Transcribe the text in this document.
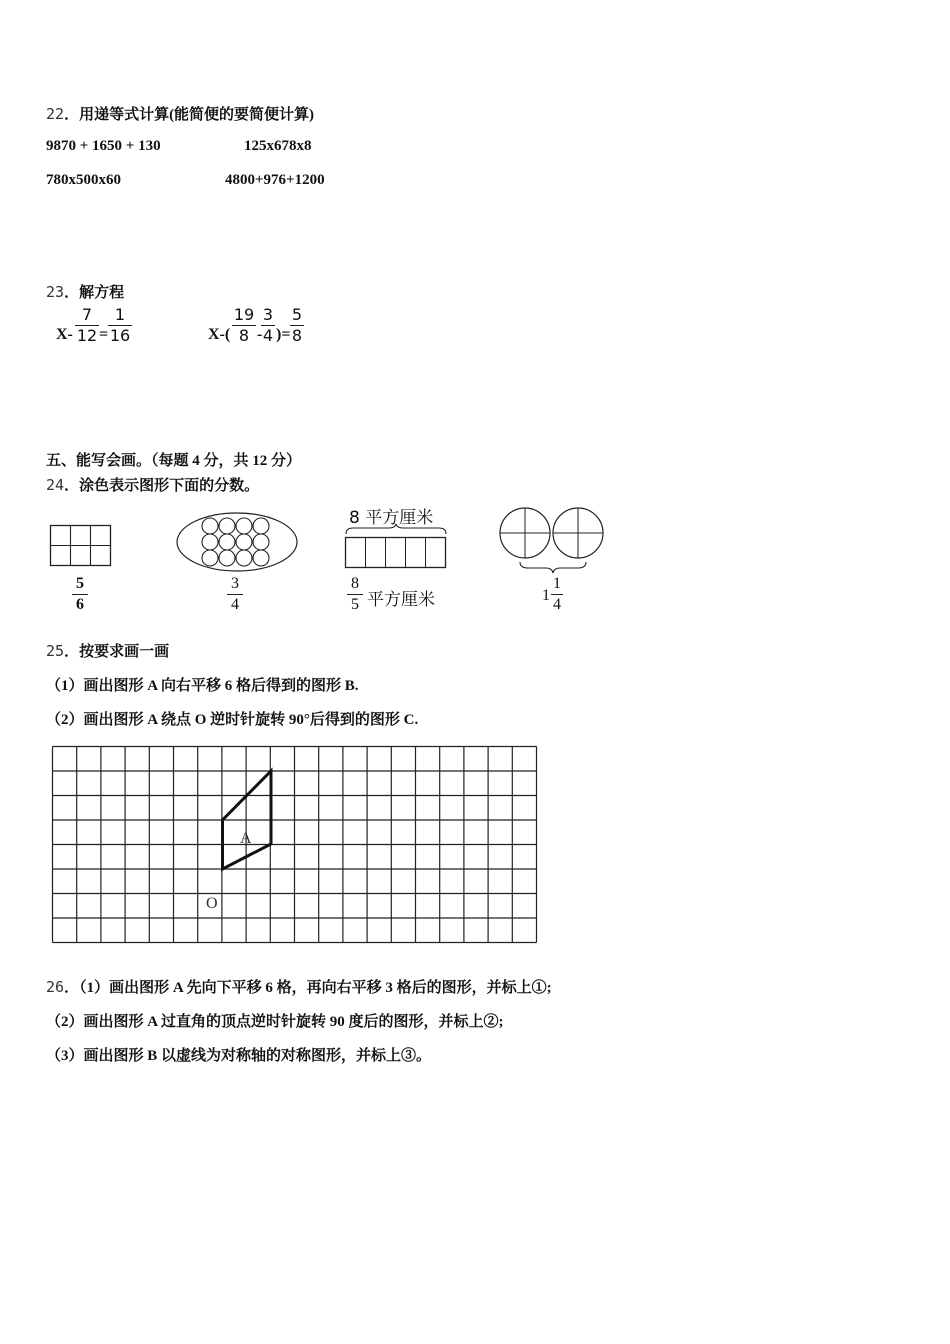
22．用递等式计算(能简便的要简便计算)
9870 + 1650 + 130	125x678x8
780x500x60	4800+976+1200
23．解方程
X-
7
12 =
1
16	X-(
19
8 -
3
4 )=
5
8
五、能写会画。（每题 4 分，共 12 分）
24．涂色表示图形下面的分数。
5
6
3
4
8 平方厘米
8
5 平方厘米	1
1
4
25．按要求画一画
（1）画出图形 A 向右平移 6 格后得到的图形 B.
（2）画出图形 A 绕点 O 逆时针旋转 90°后得到的图形 C.
A
O
26．（1）画出图形 A 先向下平移 6 格，再向右平移 3 格后的图形，并标上①;
（2）画出图形 A 过直角的顶点逆时针旋转 90 度后的图形，并标上②;
（3）画出图形 B 以虚线为对称轴的对称图形，并标上③。
